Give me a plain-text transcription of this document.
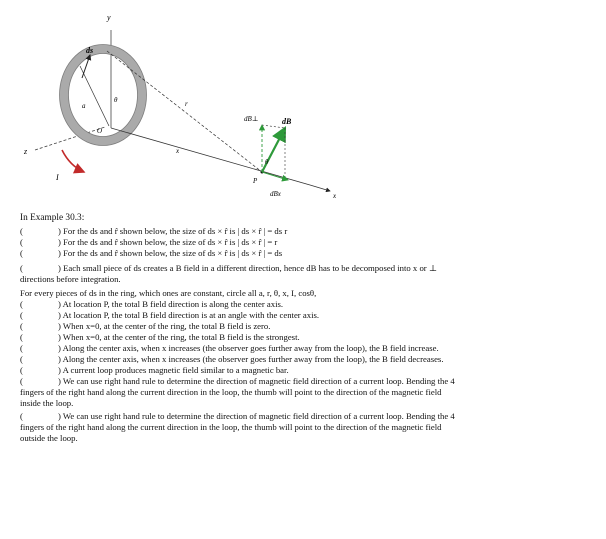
y
z
a
θ
O
ds
I
x
x
r
P
dB⊥	dB
θ
dBx
In Example 30.3:
(	) For the ds and r̂ shown below, the size of ds × r̂ is | ds × r̂ | = ds r
(	) For the ds and r̂ shown below, the size of ds × r̂ is | ds × r̂ | = r
(	) For the ds and r̂ shown below, the size of ds × r̂ is | ds × r̂ | = ds
(	) Each small piece of ds creates a B field in a different direction, hence dB has to be decomposed into x or ⊥
directions before integration.
For every pieces of ds in the ring, which ones are constant, circle all a, r, θ, x, I, cosθ,
(	) At location P, the total B field direction is along the center axis.
(	) At location P, the total B field direction is at an angle with the center axis.
(	) When x=0, at the center of the ring, the total B field is zero.
(	) When x=0, at the center of the ring, the total B field is the strongest.
(	) Along the center axis, when x increases (the observer goes further away from the loop), the B field increase.
(	) Along the center axis, when x increases (the observer goes further away from the loop), the B field decreases.
(	) A current loop produces magnetic field similar to a magnetic bar.
(	) We can use right hand rule to determine the direction of magnetic field direction of a current loop. Bending the 4
fingers of the right hand along the current direction in the loop, the thumb will point to the direction of the magnetic field
inside the loop.
(	) We can use right hand rule to determine the direction of magnetic field direction of a current loop. Bending the 4
fingers of the right hand along the current direction in the loop, the thumb will point to the direction of the magnetic field
outside the loop.
